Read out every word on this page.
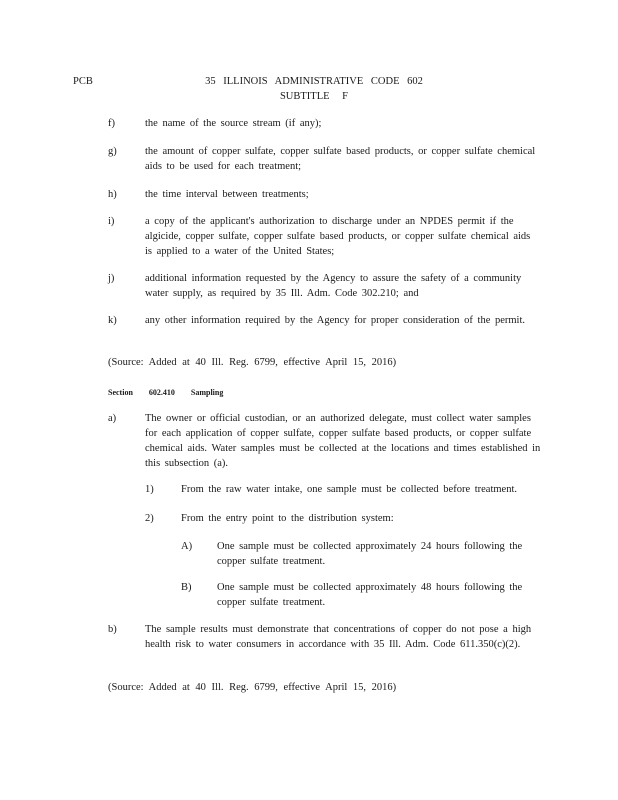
PCB	35 ILLINOIS ADMINISTRATIVE CODE 602
SUBTITLE F
f)	the name of the source stream (if any);
g)	the amount of copper sulfate, copper sulfate based products, or copper sulfate chemical aids to be used for each treatment;
h)	the time interval between treatments;
i)	a copy of the applicant's authorization to discharge under an NPDES permit if the algicide, copper sulfate, copper sulfate based products, or copper sulfate chemical aids is applied to a water of the United States;
j)	additional information requested by the Agency to assure the safety of a community water supply, as required by 35 Ill. Adm. Code 302.210; and
k)	any other information required by the Agency for proper consideration of the permit.
(Source: Added at 40 Ill. Reg. 6799, effective April 15, 2016)
Section 602.410 Sampling
a)	The owner or official custodian, or an authorized delegate, must collect water samples for each application of copper sulfate, copper sulfate based products, or copper sulfate chemical aids. Water samples must be collected at the locations and times established in this subsection (a).
1)	From the raw water intake, one sample must be collected before treatment.
2)	From the entry point to the distribution system:
A) One sample must be collected approximately 24 hours following the copper sulfate treatment.
B) One sample must be collected approximately 48 hours following the copper sulfate treatment.
b)	The sample results must demonstrate that concentrations of copper do not pose a high health risk to water consumers in accordance with 35 Ill. Adm. Code 611.350(c)(2).
(Source: Added at 40 Ill. Reg. 6799, effective April 15, 2016)
